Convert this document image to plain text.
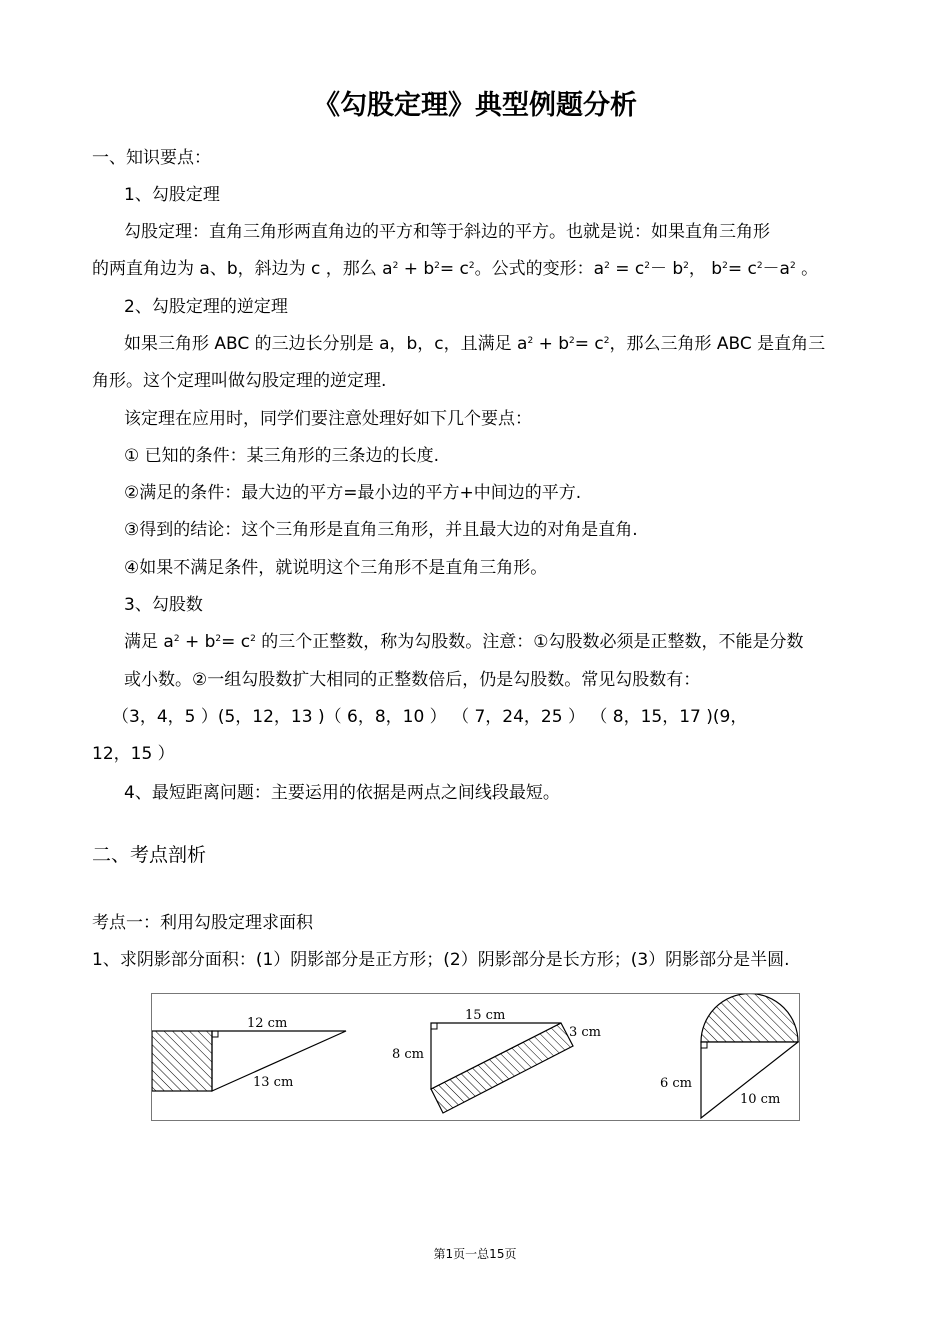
《勾股定理》典型例题分析
一、知识要点：
1、勾股定理
勾股定理：直角三角形两直角边的平方和等于斜边的平方。也就是说：如果直角三角形
的两直角边为 a、b，斜边为 c ，那么 $a^2 + b^2= c^2$。公式的变形：$a^2 = c^2- b^2$， $b^2= c^2-a^2$ 。
2、勾股定理的逆定理
如果三角形 ABC 的三边长分别是 a，b，c，且满足 $a^2 + b^2= c^2$，那么三角形 ABC 是直角三
角形。这个定理叫做勾股定理的逆定理.
该定理在应用时，同学们要注意处理好如下几个要点：
① 已知的条件：某三角形的三条边的长度.
②满足的条件：最大边的平方=最小边的平方+中间边的平方.
③得到的结论：这个三角形是直角三角形，并且最大边的对角是直角.
④如果不满足条件，就说明这个三角形不是直角三角形。
3、勾股数
满足 $a^2 + b^2= c^2$ 的三个正整数，称为勾股数。注意：①勾股数必须是正整数，不能是分数
或小数。②一组勾股数扩大相同的正整数倍后，仍是勾股数。常见勾股数有：
（3，4，5 ）(5，12，13 )（ 6，8，10 ） （ 7，24，25 ） （ 8，15，17 )(9，
12，15 ）
4、最短距离问题：主要运用的依据是两点之间线段最短。
二、考点剖析
考点一：利用勾股定理求面积
1、求阴影部分面积：(1）阴影部分是正方形；(2）阴影部分是长方形；(3）阴影部分是半圆.
12 cm
13 cm
15 cm
8 cm
3 cm
6 cm
10 cm
第1页一总15页
